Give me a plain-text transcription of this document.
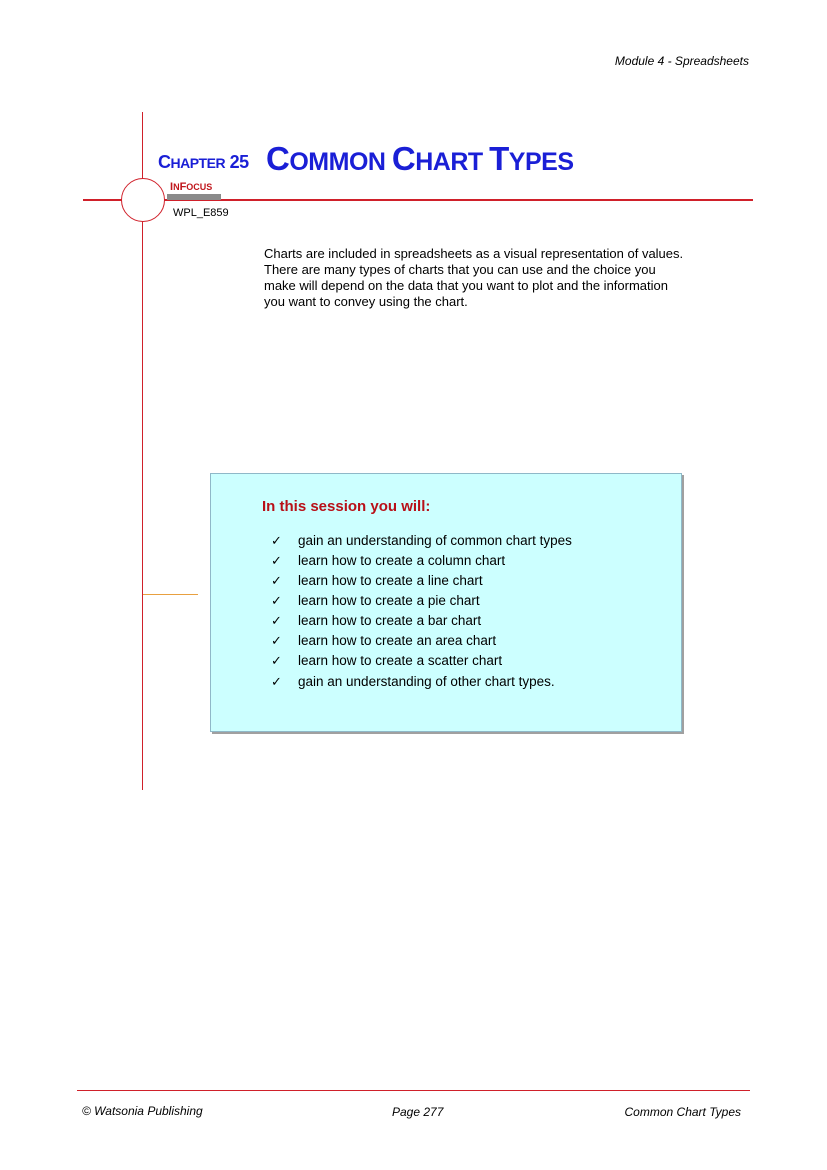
Module 4 - Spreadsheets
CHAPTER 25
INFOCUS
WPL_E859
COMMON CHART TYPES

Charts are included in spreadsheets as a visual representation of values. There are many types of charts that you can use and the choice you make will depend on the data that you want to plot and the information you want to convey using the chart.

In this session you will:
✓ gain an understanding of common chart types
✓ learn how to create a column chart
✓ learn how to create a line chart
✓ learn how to create a pie chart
✓ learn how to create a bar chart
✓ learn how to create an area chart
✓ learn how to create a scatter chart
✓ gain an understanding of other chart types.
© Watsonia Publishing	Page 277	Common Chart Types
